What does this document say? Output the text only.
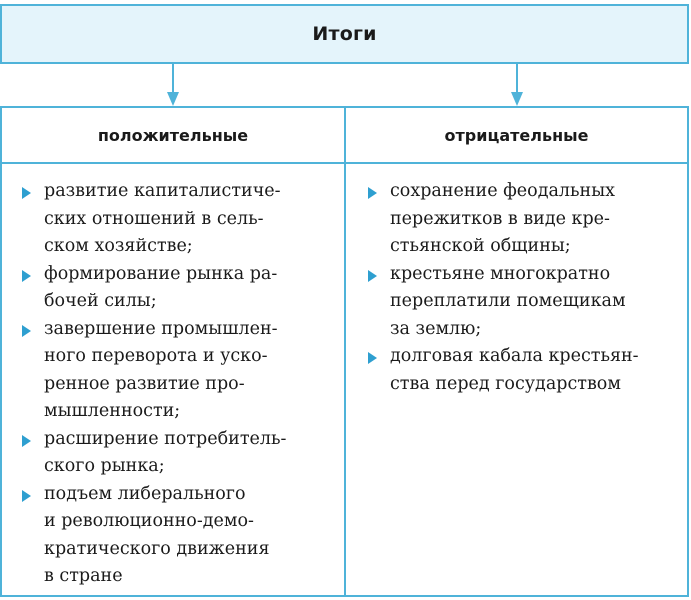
Итоги
положительные	отрицательные
развитие капиталистиче-
ских отношений в сель-
ском хозяйстве;
формирование рынка ра-
бочей силы;
завершение промышлен-
ного переворота и уско-
ренное развитие про-
мышленности;
расширение потребитель-
ского рынка;
подъем либерального
и революционно-демо-
кратического движения
в стране
сохранение феодальных
пережитков в виде кре-
стьянской общины;
крестьяне многократно
переплатили помещикам
за землю;
долговая кабала крестьян-
ства перед государством
